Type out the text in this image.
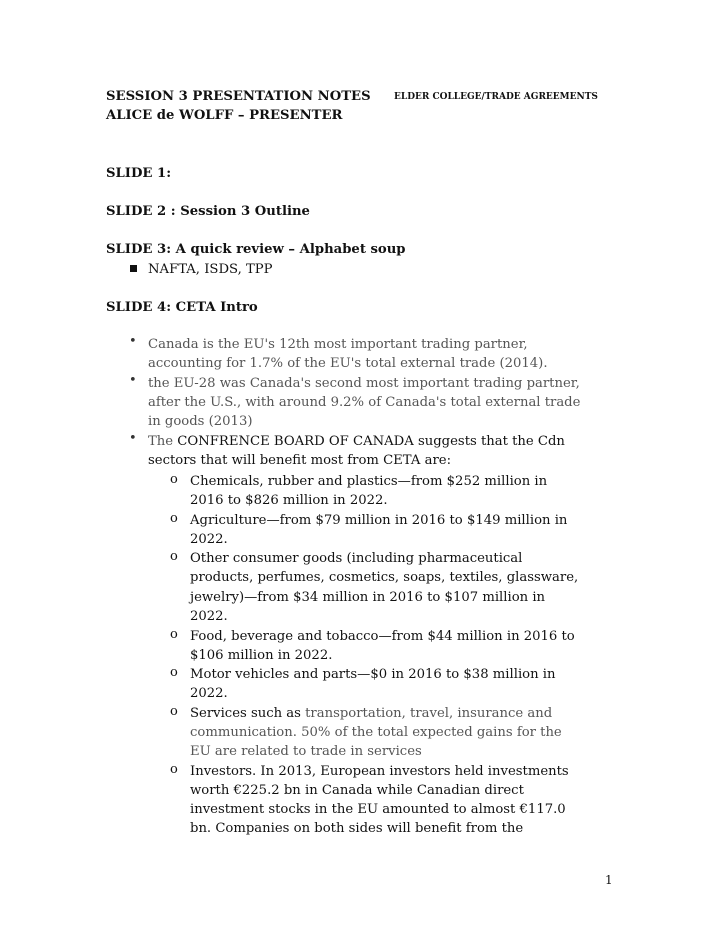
SESSION 3 PRESENTATION NOTES	ELDER COLLEGE/TRADE AGREEMENTS
ALICE de WOLFF – PRESENTER
SLIDE 1:
SLIDE 2 : Session 3 Outline
SLIDE 3: A quick review – Alphabet soup
NAFTA, ISDS, TPP
SLIDE 4: CETA Intro
• Canada is the EU's 12th most important trading partner,
accounting for 1.7% of the EU's total external trade (2014).
• the EU-28 was Canada's second most important trading partner,
after the U.S., with around 9.2% of Canada's total external trade
in goods (2013)
• The CONFRENCE BOARD OF CANADA suggests that the Cdn
sectors that will benefit most from CETA are:
o Chemicals, rubber and plastics—from $252 million in
2016 to $826 million in 2022.
o Agriculture—from $79 million in 2016 to $149 million in
2022.
o Other consumer goods (including pharmaceutical
products, perfumes, cosmetics, soaps, textiles, glassware,
jewelry)—from $34 million in 2016 to $107 million in
2022.
o Food, beverage and tobacco—from $44 million in 2016 to
$106 million in 2022.
o Motor vehicles and parts—$0 in 2016 to $38 million in
2022.
o Services such as transportation, travel, insurance and
communication. 50% of the total expected gains for the
EU are related to trade in services
o Investors. In 2013, European investors held investments
worth €225.2 bn in Canada while Canadian direct
investment stocks in the EU amounted to almost €117.0
bn. Companies on both sides will benefit from the
1
